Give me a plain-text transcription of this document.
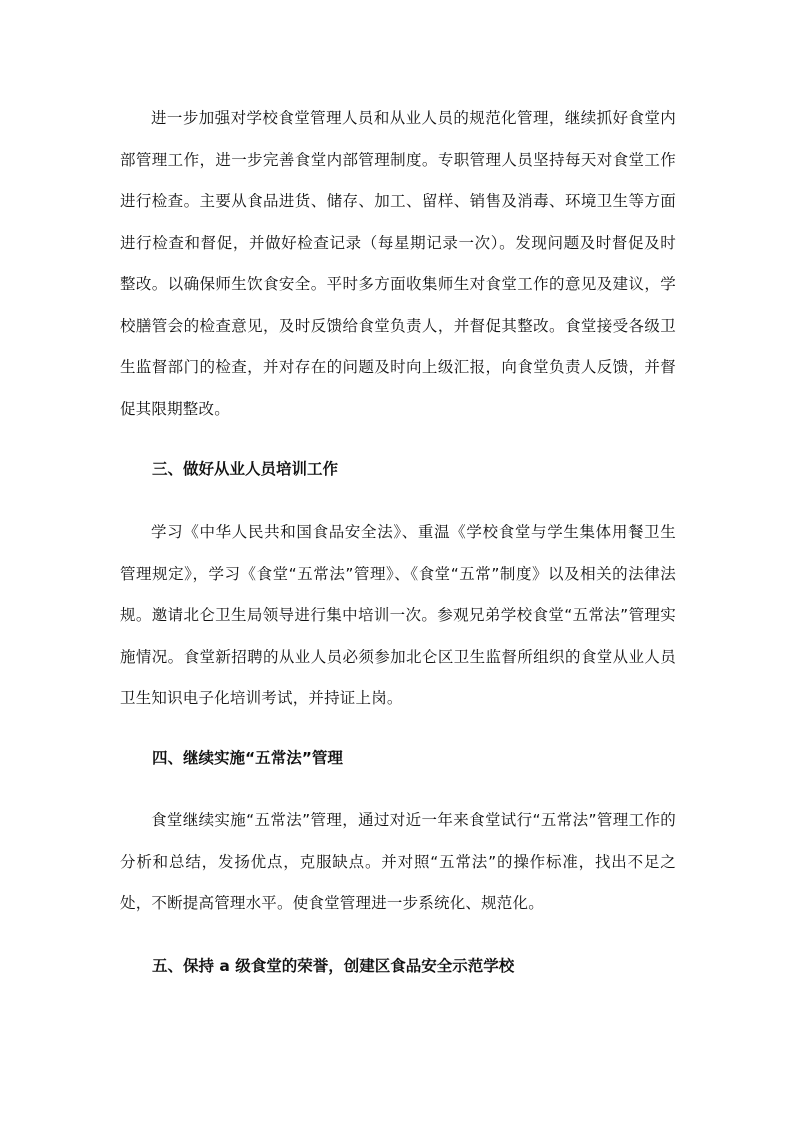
进一步加强对学校食堂管理人员和从业人员的规范化管理，继续抓好食堂内部管理工作，进一步完善食堂内部管理制度。专职管理人员坚持每天对食堂工作进行检查。主要从食品进货、储存、加工、留样、销售及消毒、环境卫生等方面进行检查和督促，并做好检查记录（每星期记录一次）。发现问题及时督促及时整改。以确保师生饮食安全。平时多方面收集师生对食堂工作的意见及建议，学校膳管会的检查意见，及时反馈给食堂负责人，并督促其整改。食堂接受各级卫生监督部门的检查，并对存在的问题及时向上级汇报，向食堂负责人反馈，并督促其限期整改。

三、做好从业人员培训工作

学习《中华人民共和国食品安全法》、重温《学校食堂与学生集体用餐卫生管理规定》，学习《食堂“五常法”管理》、《食堂“五常”制度》以及相关的法律法规。邀请北仑卫生局领导进行集中培训一次。参观兄弟学校食堂“五常法”管理实施情况。食堂新招聘的从业人员必须参加北仑区卫生监督所组织的食堂从业人员卫生知识电子化培训考试，并持证上岗。

四、继续实施“五常法”管理

食堂继续实施“五常法”管理，通过对近一年来食堂试行“五常法”管理工作的分析和总结，发扬优点，克服缺点。并对照“五常法”的操作标准，找出不足之处，不断提高管理水平。使食堂管理进一步系统化、规范化。

五、保持 a 级食堂的荣誉，创建区食品安全示范学校
